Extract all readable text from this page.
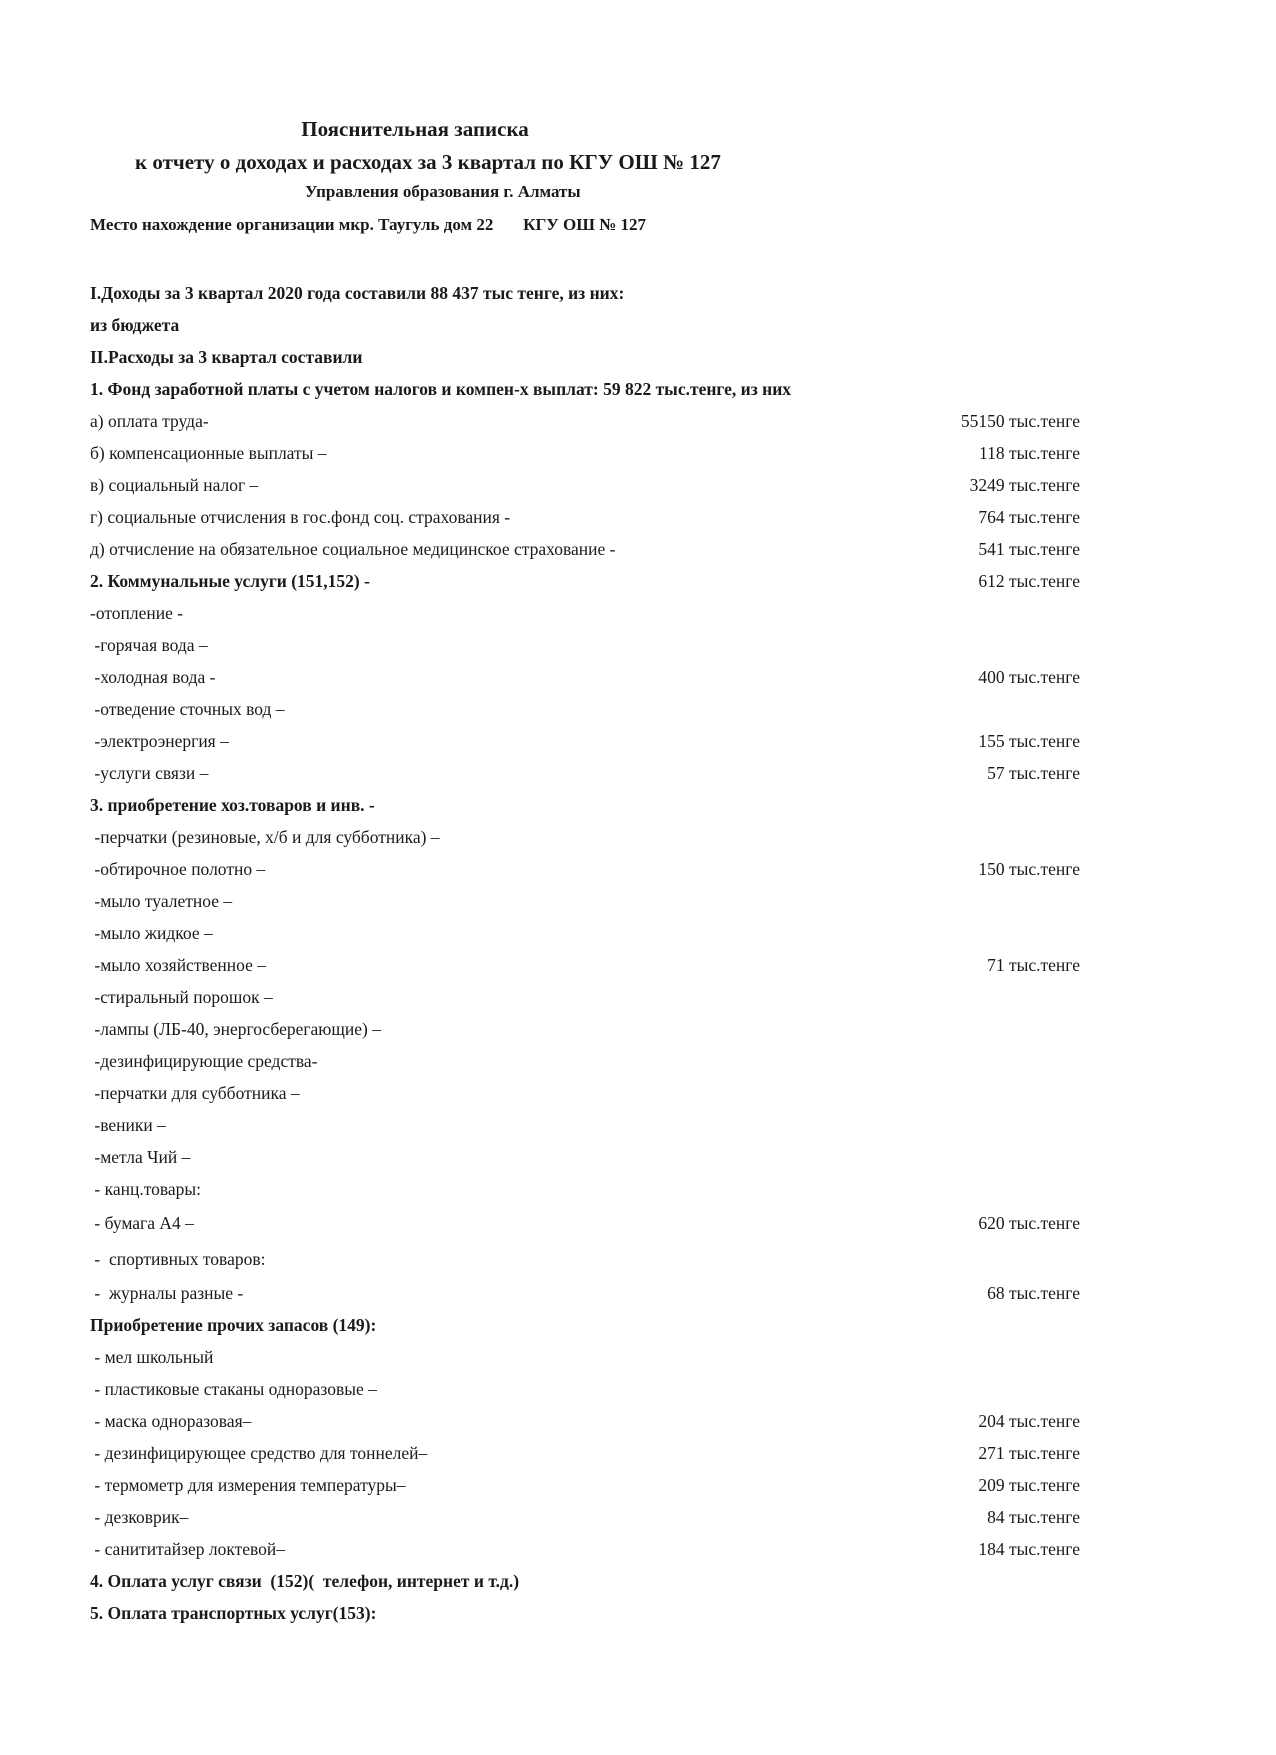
Пояснительная записка
к отчету о доходах и расходах за 3 квартал по КГУ ОШ № 127
Управления образования г. Алматы
Место нахождение организации мкр. Таугуль дом 22       КГУ ОШ № 127
I.Доходы за 3 квартал 2020 года составили 88 437 тыс тенге, из них:
из бюджета
II.Расходы за 3 квартал составили
1. Фонд заработной платы с учетом налогов и компен-х выплат: 59 822 тыс.тенге, из них
а) оплата труда-	55150 тыс.тенге
б) компенсационные выплаты –	118 тыс.тенге
в) социальный налог –	3249 тыс.тенге
г) социальные отчисления в гос.фонд соц. страхования -	764 тыс.тенге
д) отчисление на обязательное социальное медицинское страхование -	541 тыс.тенге
2. Коммунальные услуги (151,152) -	612 тыс.тенге
-отопление -
-горячая вода –
-холодная вода -	400 тыс.тенге
-отведение сточных вод –
-электроэнергия –	155 тыс.тенге
-услуги связи –	57 тыс.тенге
3. приобретение хоз.товаров и инв. -
-перчатки (резиновые, х/б и для субботника) –
-обтирочное полотно –	150 тыс.тенге
-мыло туалетное –
-мыло жидкое –
-мыло хозяйственное –	71 тыс.тенге
-стиральный порошок –
-лампы (ЛБ-40, энергосберегающие) –
-дезинфицирующие средства-
-перчатки для субботника –
-веники –
-метла Чий –
- канц.товары:
- бумага А4 –	620 тыс.тенге
-  спортивных товаров:
-  журналы разные -	68 тыс.тенге
Приобретение прочих запасов (149):
- мел школьный
- пластиковые стаканы одноразовые –
- маска одноразовая–	204 тыс.тенге
- дезинфицирующее средство для тоннелей–	271 тыс.тенге
- термометр для измерения температуры–	209 тыс.тенге
- дезковрик–	84 тыс.тенге
- санититайзер локтевой–	184 тыс.тенге
4. Оплата услуг связи  (152)(  телефон, интернет и т.д.)
5. Оплата транспортных услуг(153):
